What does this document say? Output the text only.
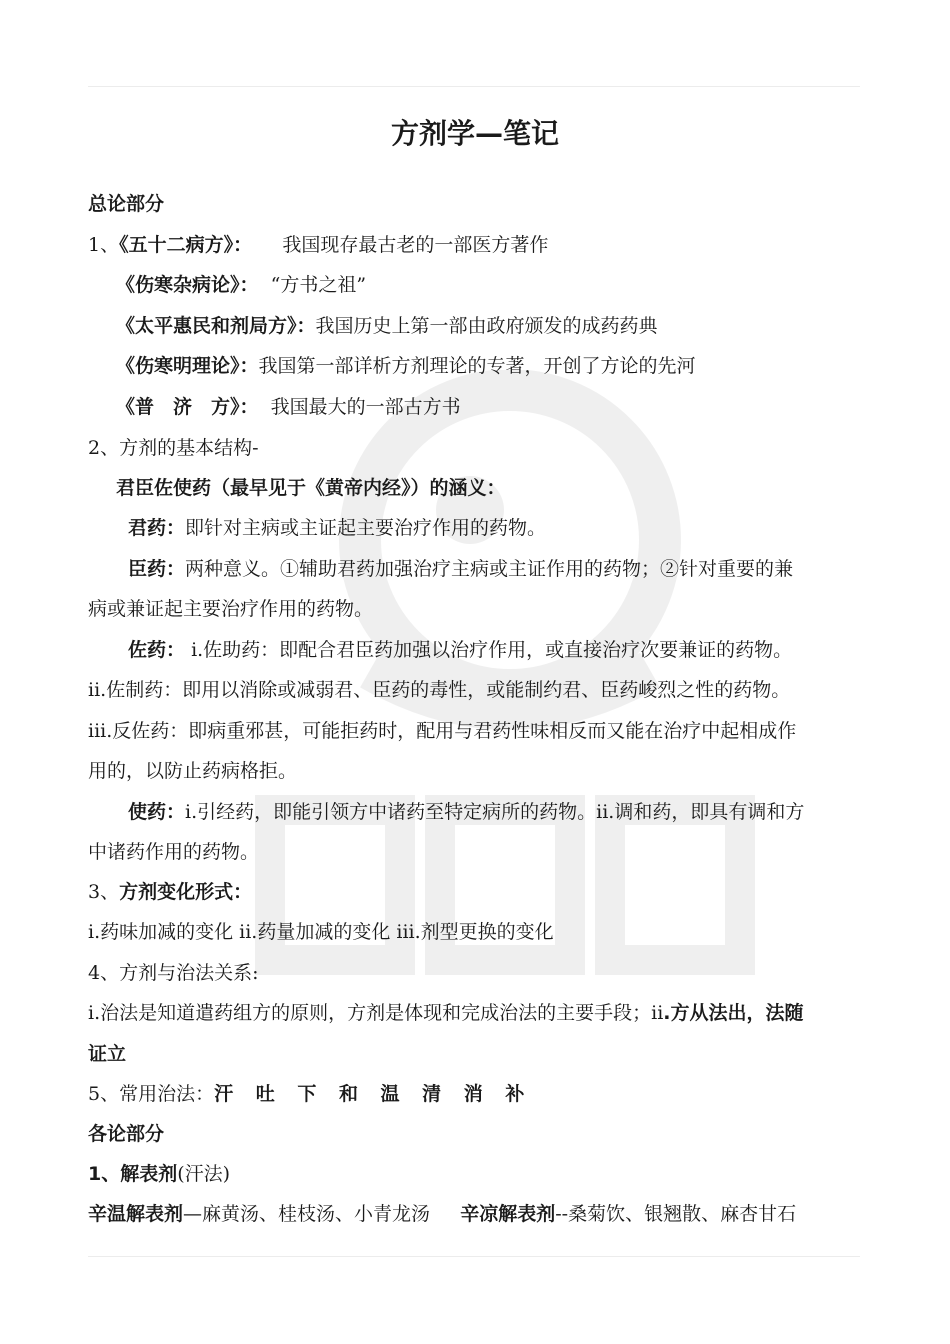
方剂学—笔记
总论部分
1、《五十二病方》： 我国现存最古老的一部医方著作
《伤寒杂病论》： “方书之祖”
《太平惠民和剂局方》：我国历史上第一部由政府颁发的成药药典
《伤寒明理论》：我国第一部详析方剂理论的专著，开创了方论的先河
《普　济　方》： 我国最大的一部古方书
2、方剂的基本结构-
君臣佐使药（最早见于《黄帝内经》）的涵义：
君药：即针对主病或主证起主要治疗作用的药物。
臣药：两种意义。①辅助君药加强治疗主病或主证作用的药物；②针对重要的兼
病或兼证起主要治疗作用的药物。
佐药： i.佐助药：即配合君臣药加强以治疗作用，或直接治疗次要兼证的药物。
ii.佐制药：即用以消除或减弱君、臣药的毒性，或能制约君、臣药峻烈之性的药物。
iii.反佐药：即病重邪甚，可能拒药时，配用与君药性味相反而又能在治疗中起相成作
用的，以防止药病格拒。
使药：i.引经药，即能引领方中诸药至特定病所的药物。ii.调和药，即具有调和方
中诸药作用的药物。
3、方剂变化形式：
i.药味加减的变化 ii.药量加减的变化 iii.剂型更换的变化
4、方剂与治法关系:
i.治法是知道遣药组方的原则，方剂是体现和完成治法的主要手段；ii.方从法出，法随
证立
5、常用治法：汗 吐 下 和 温 清 消 补
各论部分
1、解表剂(汗法)
辛温解表剂—麻黄汤、桂枝汤、小青龙汤 辛凉解表剂--桑菊饮、银翘散、麻杏甘石
